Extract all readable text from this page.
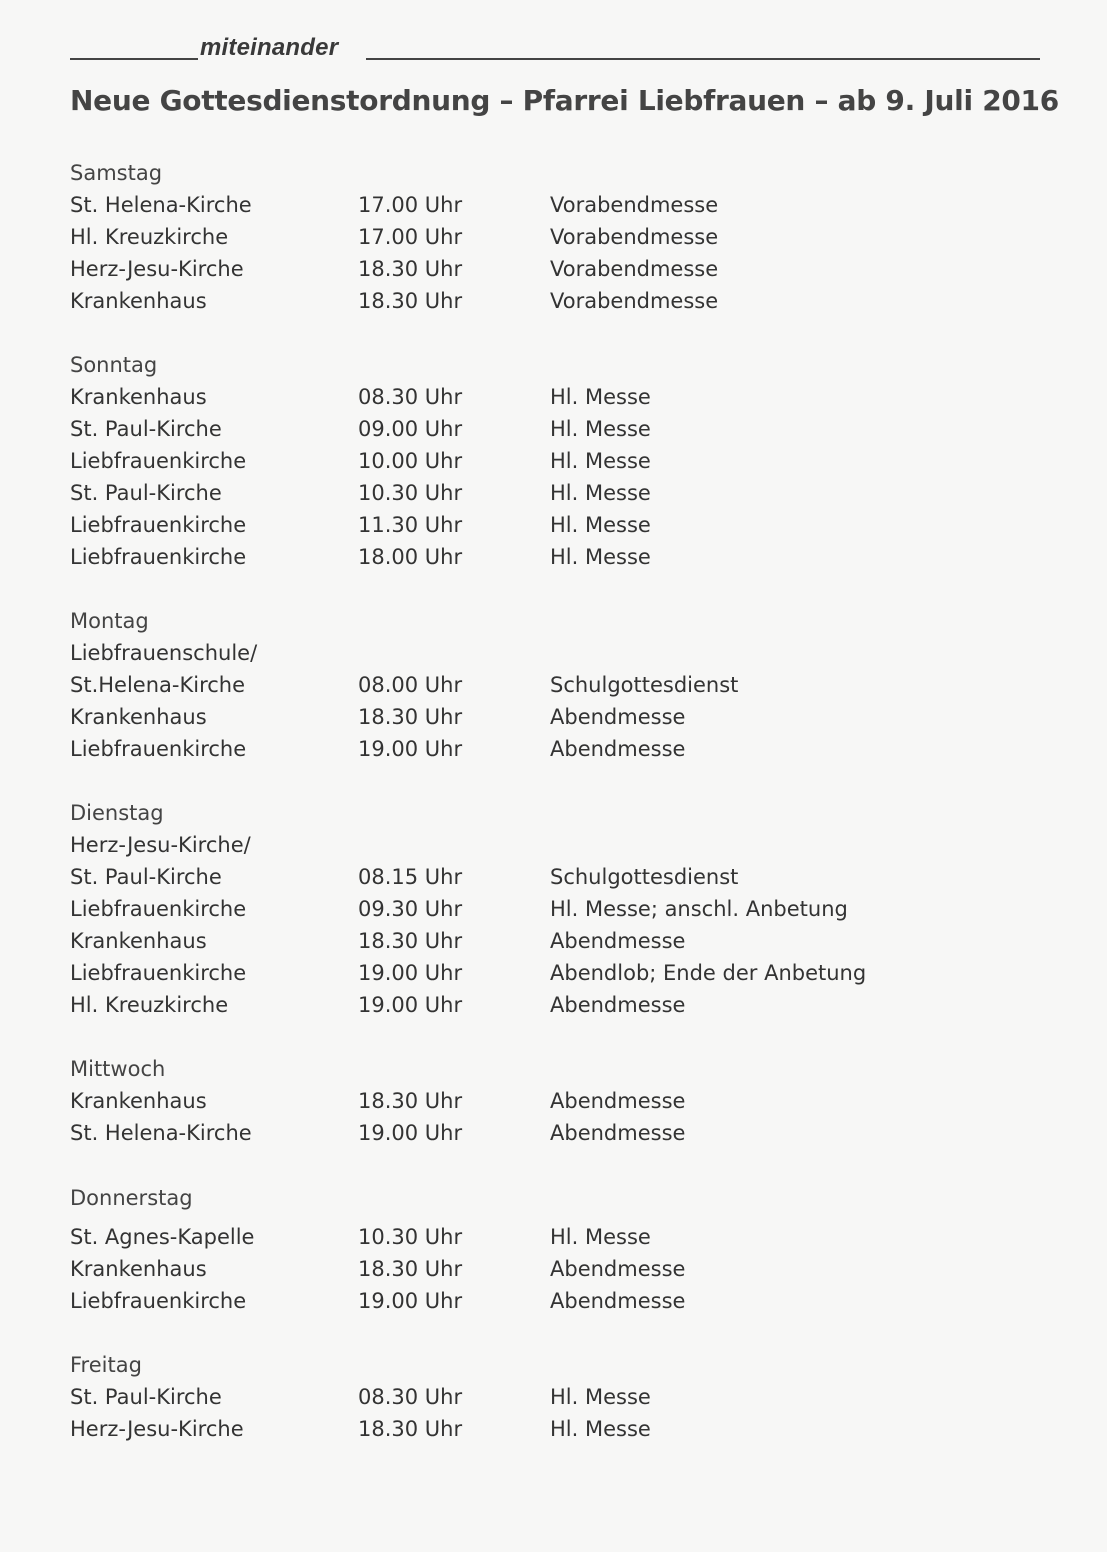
miteinander
Neue Gottesdienstordnung – Pfarrei Liebfrauen – ab 9. Juli 2016
Samstag
St. Helena-Kirche	17.00 Uhr	Vorabendmesse
Hl. Kreuzkirche	17.00 Uhr	Vorabendmesse
Herz-Jesu-Kirche	18.30 Uhr	Vorabendmesse
Krankenhaus	18.30 Uhr	Vorabendmesse
Sonntag
Krankenhaus	08.30 Uhr	Hl. Messe
St. Paul-Kirche	09.00 Uhr	Hl. Messe
Liebfrauenkirche	10.00 Uhr	Hl. Messe
St. Paul-Kirche	10.30 Uhr	Hl. Messe
Liebfrauenkirche	11.30 Uhr	Hl. Messe
Liebfrauenkirche	18.00 Uhr	Hl. Messe
Montag
Liebfrauenschule/
St.Helena-Kirche	08.00 Uhr	Schulgottesdienst
Krankenhaus	18.30 Uhr	Abendmesse
Liebfrauenkirche	19.00 Uhr	Abendmesse
Dienstag
Herz-Jesu-Kirche/
St. Paul-Kirche	08.15 Uhr	Schulgottesdienst
Liebfrauenkirche	09.30 Uhr	Hl. Messe; anschl. Anbetung
Krankenhaus	18.30 Uhr	Abendmesse
Liebfrauenkirche	19.00 Uhr	Abendlob; Ende der Anbetung
Hl. Kreuzkirche	19.00 Uhr	Abendmesse
Mittwoch
Krankenhaus	18.30 Uhr	Abendmesse
St. Helena-Kirche	19.00 Uhr	Abendmesse
Donnerstag
St. Agnes-Kapelle	10.30 Uhr	Hl. Messe
Krankenhaus	18.30 Uhr	Abendmesse
Liebfrauenkirche	19.00 Uhr	Abendmesse
Freitag
St. Paul-Kirche	08.30 Uhr	Hl. Messe
Herz-Jesu-Kirche	18.30 Uhr	Hl. Messe
